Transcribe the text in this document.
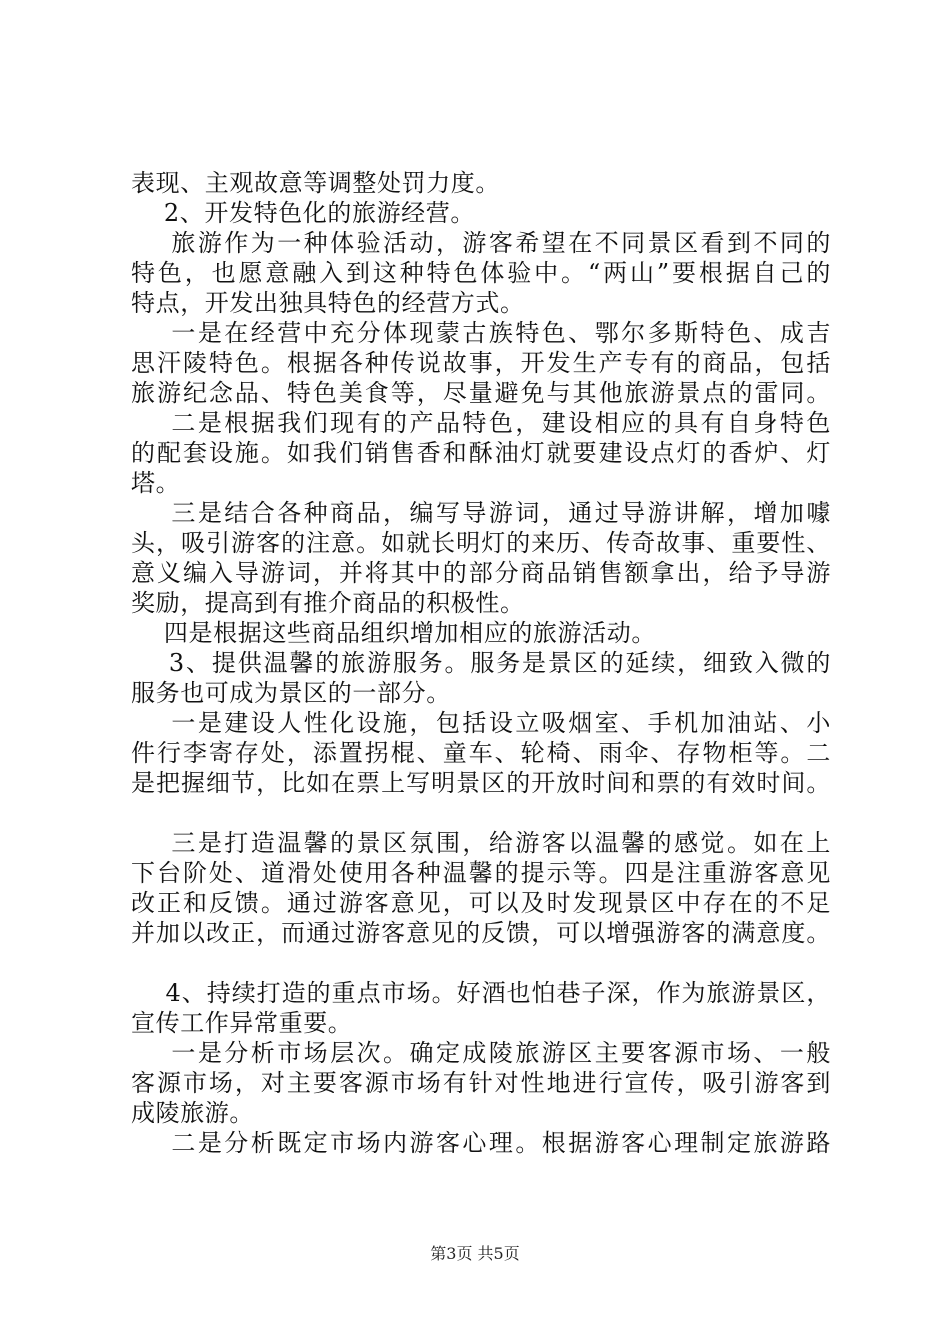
表现、主观故意等调整处罚力度。
2、开发特色化的旅游经营。
旅游作为一种体验活动，游客希望在不同景区看到不同的
特色，也愿意融入到这种特色体验中。“两山”要根据自己的
特点，开发出独具特色的经营方式。
一是在经营中充分体现蒙古族特色、鄂尔多斯特色、成吉
思汗陵特色。根据各种传说故事，开发生产专有的商品，包括
旅游纪念品、特色美食等，尽量避免与其他旅游景点的雷同。
二是根据我们现有的产品特色，建设相应的具有自身特色
的配套设施。如我们销售香和酥油灯就要建设点灯的香炉、灯
塔。
三是结合各种商品，编写导游词，通过导游讲解，增加噱
头，吸引游客的注意。如就长明灯的来历、传奇故事、重要性、
意义编入导游词，并将其中的部分商品销售额拿出，给予导游
奖励，提高到有推介商品的积极性。
四是根据这些商品组织增加相应的旅游活动。
3、提供温馨的旅游服务。服务是景区的延续，细致入微的
服务也可成为景区的一部分。
一是建设人性化设施，包括设立吸烟室、手机加油站、小
件行李寄存处，添置拐棍、童车、轮椅、雨伞、存物柜等。二
是把握细节，比如在票上写明景区的开放时间和票的有效时间。
三是打造温馨的景区氛围，给游客以温馨的感觉。如在上
下台阶处、道滑处使用各种温馨的提示等。四是注重游客意见
改正和反馈。通过游客意见，可以及时发现景区中存在的不足
并加以改正，而通过游客意见的反馈，可以增强游客的满意度。
4、持续打造的重点市场。好酒也怕巷子深，作为旅游景区，
宣传工作异常重要。
一是分析市场层次。确定成陵旅游区主要客源市场、一般
客源市场，对主要客源市场有针对性地进行宣传，吸引游客到
成陵旅游。
二是分析既定市场内游客心理。根据游客心理制定旅游路
第3页 共5页
